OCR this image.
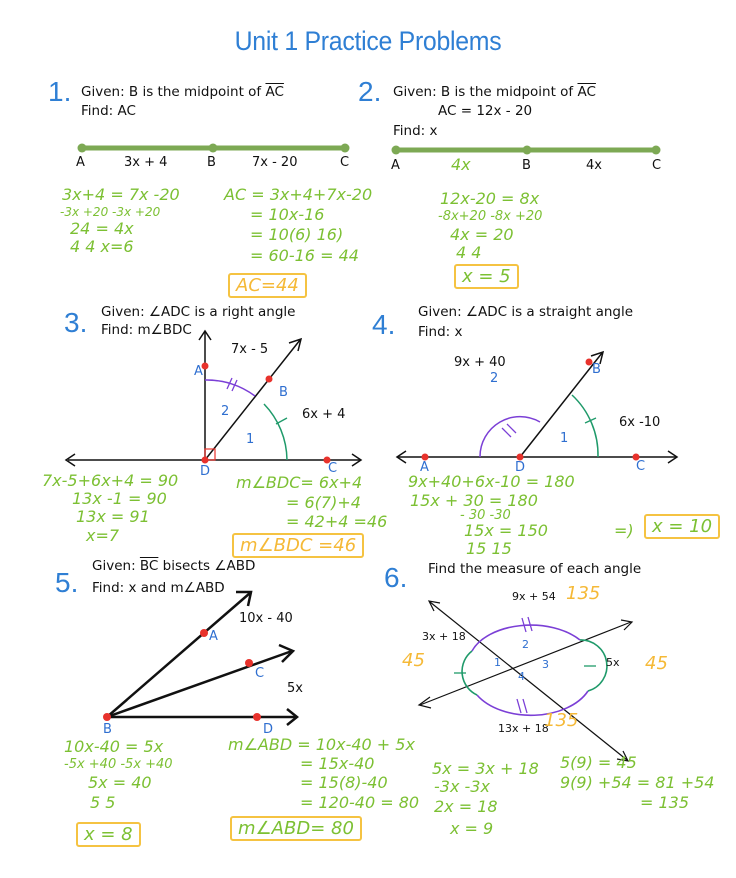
Unit 1 Practice Problems
1. Given: B is the midpoint of $\overline{AC}$
Find: AC
A	B	C
3x + 4	7x - 20
3x+4 = 7x -20
-3x +20 -3x +20
24 = 4x
4 4 x=6
AC = 3x+4+7x-20
= 10x-16
= 10(6) 16)
= 60-16 = 44
AC=44
2. Given: B is the midpoint of $\overline{AC}$
AC = 12x - 20
Find: x
A	B	C
4x	4x
12x-20 = 8x
-8x+20 -8x +20
4x = 20
4 4
x = 5
3. Given: ∠ADC is a right angle
Find: m∠BDC
7x - 5
6x + 4
A
B
C
D
2
1
7x-5+6x+4 = 90
13x -1 = 90
13x = 91
x=7
m∠BDC= 6x+4
= 6(7)+4
= 42+4 =46
m∠BDC =46
4. Given: ∠ADC is a straight angle
Find: x
9x + 40
6x -10
A
B
C
D
2
1
9x+40+6x-10 = 180
15x + 30 = 180
- 30 -30
15x = 150
15 15
=)	x = 10
Given: $\overline{BC}$ bisects ∠ABD
5. Find: x and m∠ABD
10x - 40
5x
A
B
C
D
10x-40 = 5x
-5x +40 -5x +40
5x = 40
5 5
x = 8
m∠ABD = 10x-40 + 5x
= 15x-40
= 15(8)-40
= 120-40 = 80
m∠ABD= 80
6. Find the measure of each angle
9x + 54
3x + 18
5x
13x + 18
1
2
3
4
135
45	45
135
5x = 3x + 18
-3x -3x
2x = 18
x = 9
5(9) = 45
9(9) +54 = 81 +54
= 135
